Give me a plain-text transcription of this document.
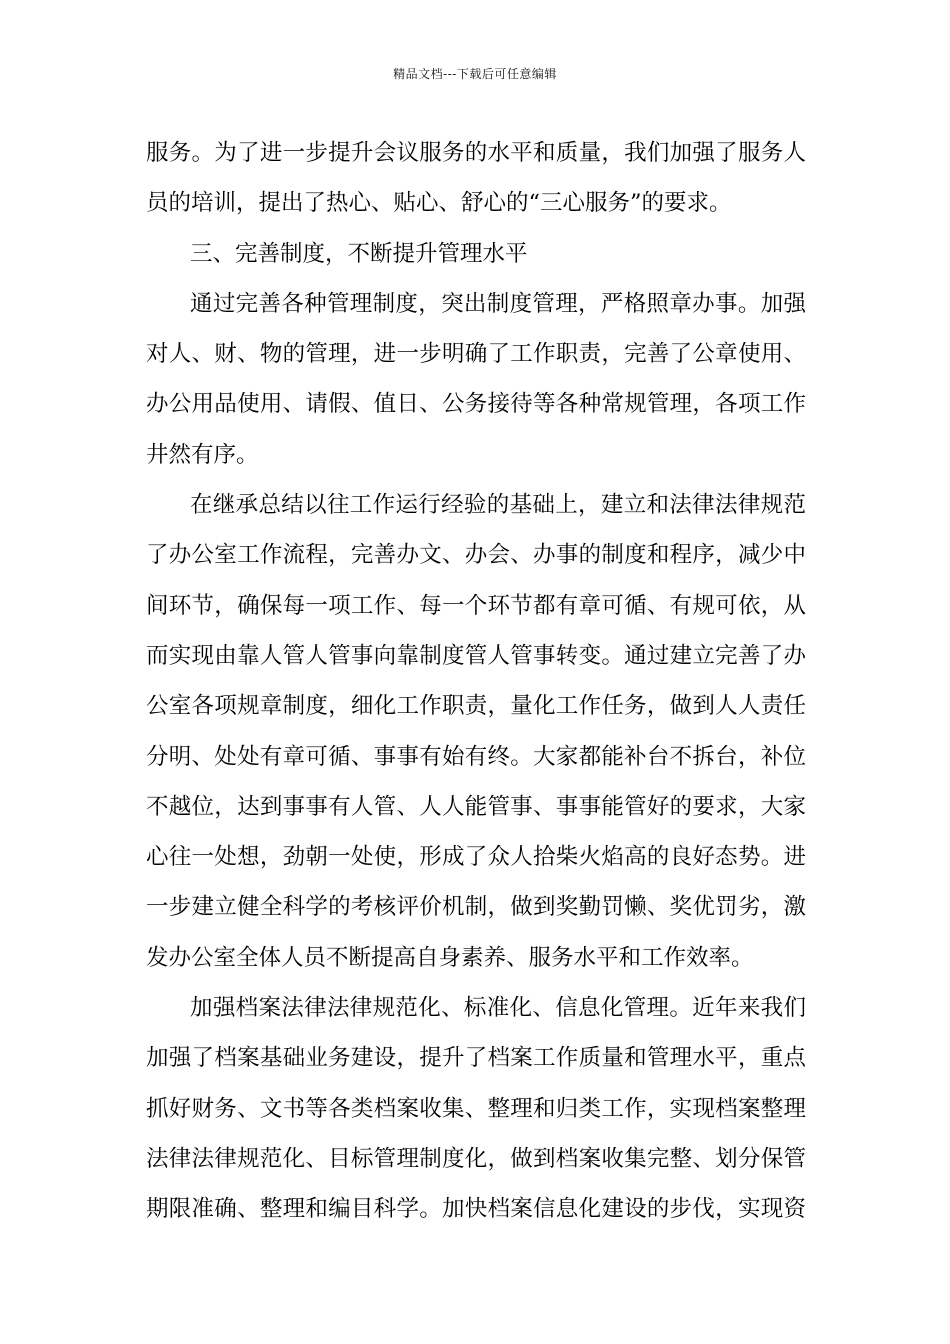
精品文档---下载后可任意编辑
服务。为了进一步提升会议服务的水平和质量，我们加强了服务人
员的培训，提出了热心、贴心、舒心的“三心服务”的要求。
三、完善制度，不断提升管理水平
通过完善各种管理制度，突出制度管理，严格照章办事。加强
对人、财、物的管理，进一步明确了工作职责，完善了公章使用、
办公用品使用、请假、值日、公务接待等各种常规管理，各项工作
井然有序。
在继承总结以往工作运行经验的基础上，建立和法律法律规范
了办公室工作流程，完善办文、办会、办事的制度和程序，减少中
间环节，确保每一项工作、每一个环节都有章可循、有规可依，从
而实现由靠人管人管事向靠制度管人管事转变。通过建立完善了办
公室各项规章制度，细化工作职责，量化工作任务，做到人人责任
分明、处处有章可循、事事有始有终。大家都能补台不拆台，补位
不越位，达到事事有人管、人人能管事、事事能管好的要求，大家
心往一处想，劲朝一处使，形成了众人拾柴火焰高的良好态势。进
一步建立健全科学的考核评价机制，做到奖勤罚懒、奖优罚劣，激
发办公室全体人员不断提高自身素养、服务水平和工作效率。
加强档案法律法律规范化、标准化、信息化管理。近年来我们
加强了档案基础业务建设，提升了档案工作质量和管理水平，重点
抓好财务、文书等各类档案收集、整理和归类工作，实现档案整理
法律法律规范化、目标管理制度化，做到档案收集完整、划分保管
期限准确、整理和编目科学。加快档案信息化建设的步伐，实现资
